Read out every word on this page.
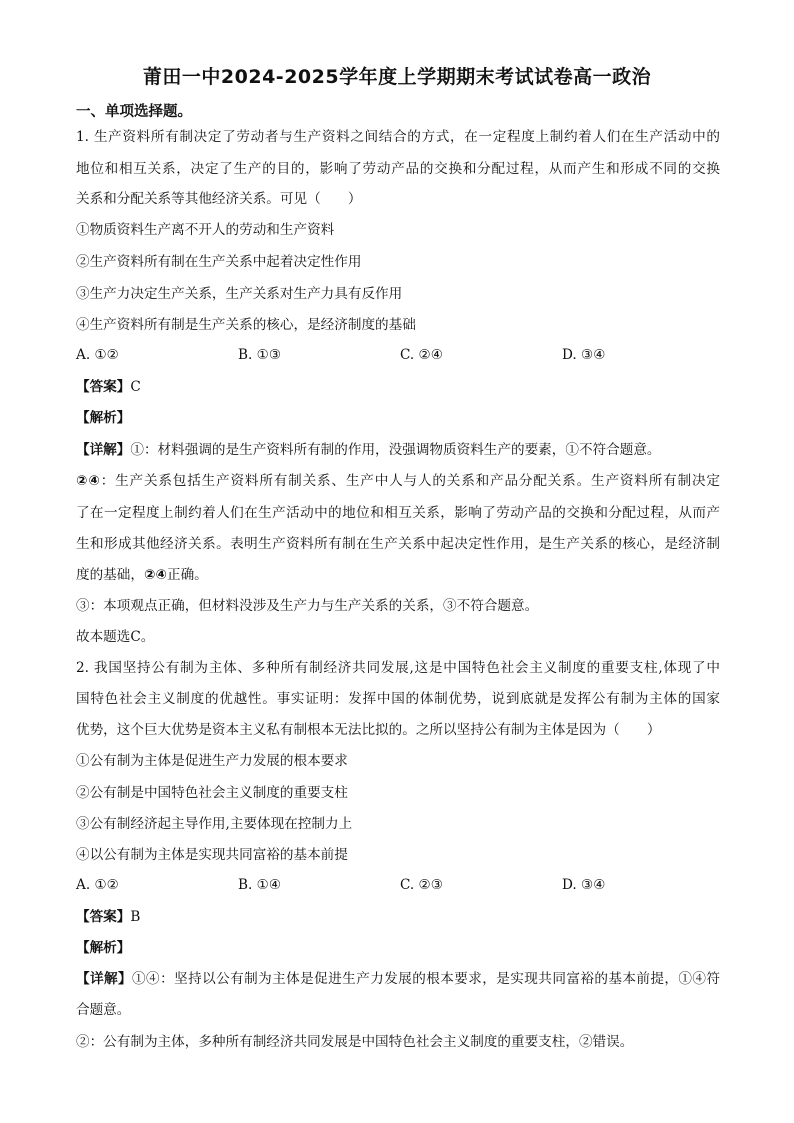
莆田一中2024-2025学年度上学期期末考试试卷高一政治
一、单项选择题。
1. 生产资料所有制决定了劳动者与生产资料之间结合的方式，在一定程度上制约着人们在生产活动中的
地位和相互关系，决定了生产的目的，影响了劳动产品的交换和分配过程，从而产生和形成不同的交换
关系和分配关系等其他经济关系。可见（　　）
①物质资料生产离不开人的劳动和生产资料
②生产资料所有制在生产关系中起着决定性作用
③生产力决定生产关系，生产关系对生产力具有反作用
④生产资料所有制是生产关系的核心，是经济制度的基础
A. ①②	B. ①③	C. ②④	D. ③④
【答案】C
【解析】
【详解】①：材料强调的是生产资料所有制的作用，没强调物质资料生产的要素，①不符合题意。
②④：生产关系包括生产资料所有制关系、生产中人与人的关系和产品分配关系。生产资料所有制决定
了在一定程度上制约着人们在生产活动中的地位和相互关系，影响了劳动产品的交换和分配过程，从而产
生和形成其他经济关系。表明生产资料所有制在生产关系中起决定性作用，是生产关系的核心，是经济制
度的基础，②④正确。
③：本项观点正确，但材料没涉及生产力与生产关系的关系，③不符合题意。
故本题选C。
2. 我国坚持公有制为主体、多种所有制经济共同发展,这是中国特色社会主义制度的重要支柱,体现了中
国特色社会主义制度的优越性。事实证明：发挥中国的体制优势，说到底就是发挥公有制为主体的国家
优势，这个巨大优势是资本主义私有制根本无法比拟的。之所以坚持公有制为主体是因为（　　）
①公有制为主体是促进生产力发展的根本要求
②公有制是中国特色社会主义制度的重要支柱
③公有制经济起主导作用,主要体现在控制力上
④以公有制为主体是实现共同富裕的基本前提
A. ①②	B. ①④	C. ②③	D. ③④
【答案】B
【解析】
【详解】①④：坚持以公有制为主体是促进生产力发展的根本要求，是实现共同富裕的基本前提，①④符
合题意。
②：公有制为主体，多种所有制经济共同发展是中国特色社会主义制度的重要支柱，②错误。
